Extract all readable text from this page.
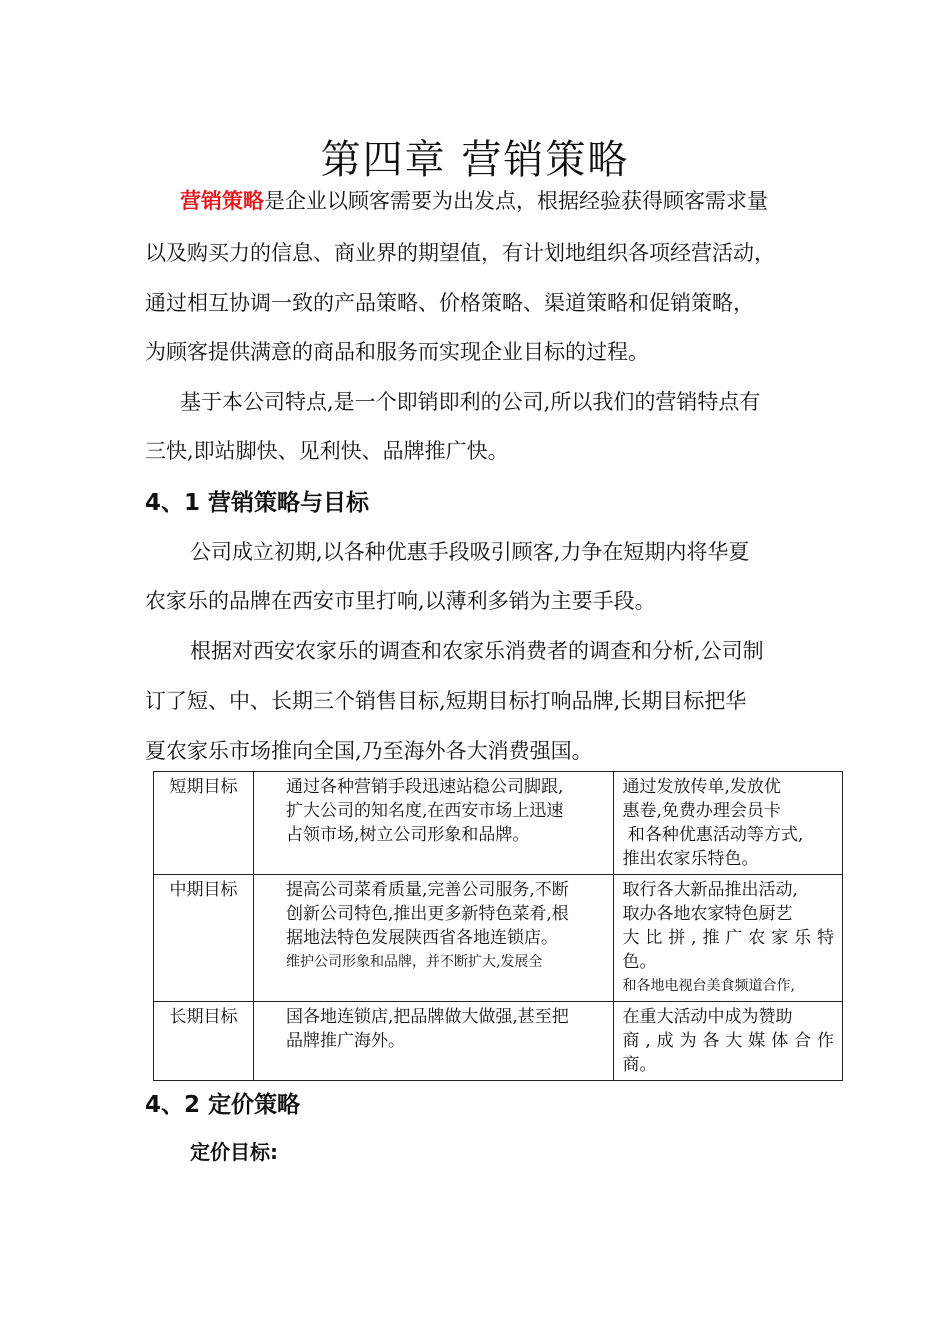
第四章 营销策略
营销策略是企业以顾客需要为出发点，根据经验获得顾客需求量
以及购买力的信息、商业界的期望值，有计划地组织各项经营活动，
通过相互协调一致的产品策略、价格策略、渠道策略和促销策略，
为顾客提供满意的商品和服务而实现企业目标的过程。
基于本公司特点,是一个即销即利的公司,所以我们的营销特点有
三快,即站脚快、见利快、品牌推广快。
4、1 营销策略与目标
公司成立初期,以各种优惠手段吸引顾客,力争在短期内将华夏
农家乐的品牌在西安市里打响,以薄利多销为主要手段。
根据对西安农家乐的调查和农家乐消费者的调查和分析,公司制
订了短、中、长期三个销售目标,短期目标打响品牌,长期目标把华
夏农家乐市场推向全国,乃至海外各大消费强国。
短期目标	通过各种营销手段迅速站稳公司脚跟,
扩大公司的知名度,在西安市场上迅速
占领市场,树立公司形象和品牌。	通过发放传单,发放优
惠卷,免费办理会员卡
和各种优惠活动等方式,
推出农家乐特色。

中期目标	提高公司菜肴质量,完善公司服务,不断
创新公司特色,推出更多新特色菜肴,根
据地法特色发展陕西省各地连锁店。
维护公司形象和品牌，并不断扩大,发展全	取行各大新品推出活动,
取办各地农家特色厨艺
大比拼,推广农家乐特
色。
和各地电视台美食频道合作,

长期目标	国各地连锁店,把品牌做大做强,甚至把
品牌推广海外。	在重大活动中成为赞助
商,成为各大媒体合作
商。
4、2 定价策略
定价目标:
